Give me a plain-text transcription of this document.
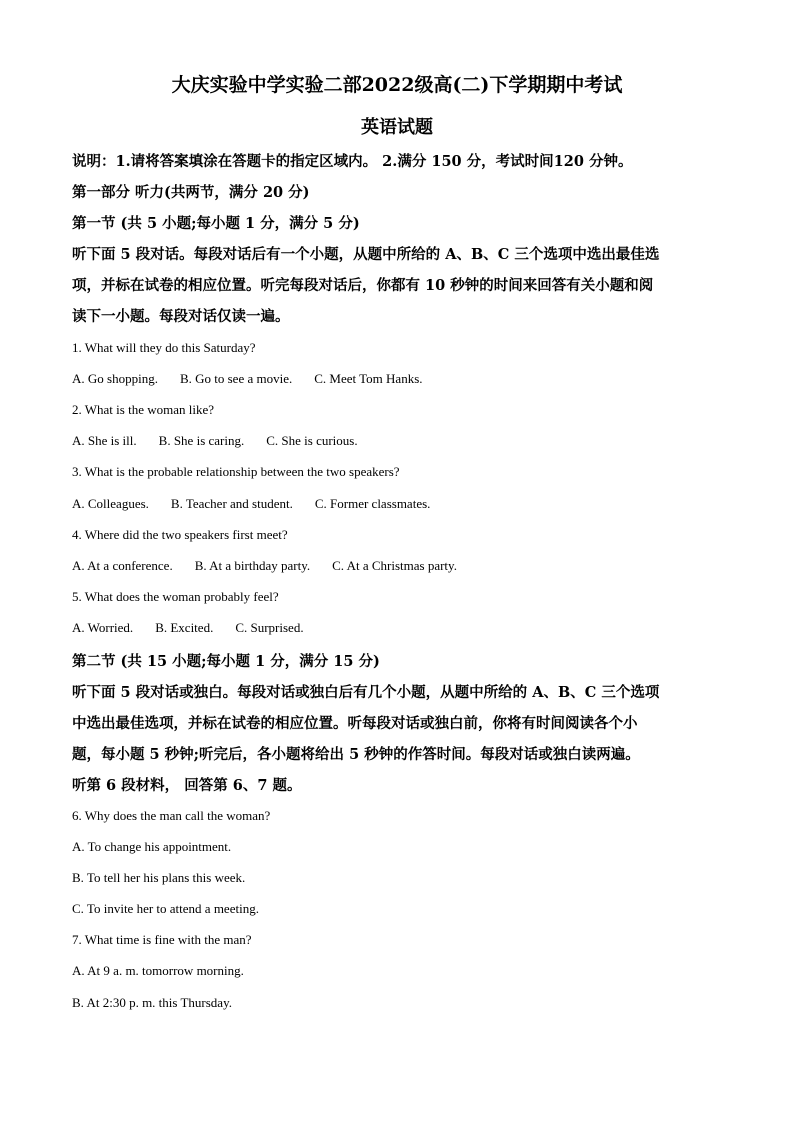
大庆实验中学实验二部2022级高(二)下学期期中考试
英语试题
说明：1.请将答案填涂在答题卡的指定区域内。 2.满分 150 分，考试时间120 分钟。
第一部分 听力(共两节，满分 20 分)
第一节 (共 5 小题;每小题 1 分，满分 5 分)
听下面 5 段对话。每段对话后有一个小题，从题中所给的 A、B、C 三个选项中选出最佳选
项，并标在试卷的相应位置。听完每段对话后，你都有 10 秒钟的时间来回答有关小题和阅
读下一小题。每段对话仅读一遍。
1. What will they do this Saturday?
A. Go shopping. B. Go to see a movie. C. Meet Tom Hanks.
2. What is the woman like?
A. She is ill. B. She is caring. C. She is curious.
3. What is the probable relationship between the two speakers?
A. Colleagues. B. Teacher and student. C. Former classmates.
4. Where did the two speakers first meet?
A. At a conference. B. At a birthday party. C. At a Christmas party.
5. What does the woman probably feel?
A. Worried. B. Excited. C. Surprised.
第二节 (共 15 小题;每小题 1 分，满分 15 分)
听下面 5 段对话或独白。每段对话或独白后有几个小题，从题中所给的 A、B、C 三个选项
中选出最佳选项，并标在试卷的相应位置。听每段对话或独白前，你将有时间阅读各个小
题，每小题 5 秒钟;听完后，各小题将给出 5 秒钟的作答时间。每段对话或独白读两遍。
听第 6 段材料， 回答第 6、7 题。
6. Why does the man call the woman?
A. To change his appointment.
B. To tell her his plans this week.
C. To invite her to attend a meeting.
7. What time is fine with the man?
A. At 9 a. m. tomorrow morning.
B. At 2:30 p. m. this Thursday.
